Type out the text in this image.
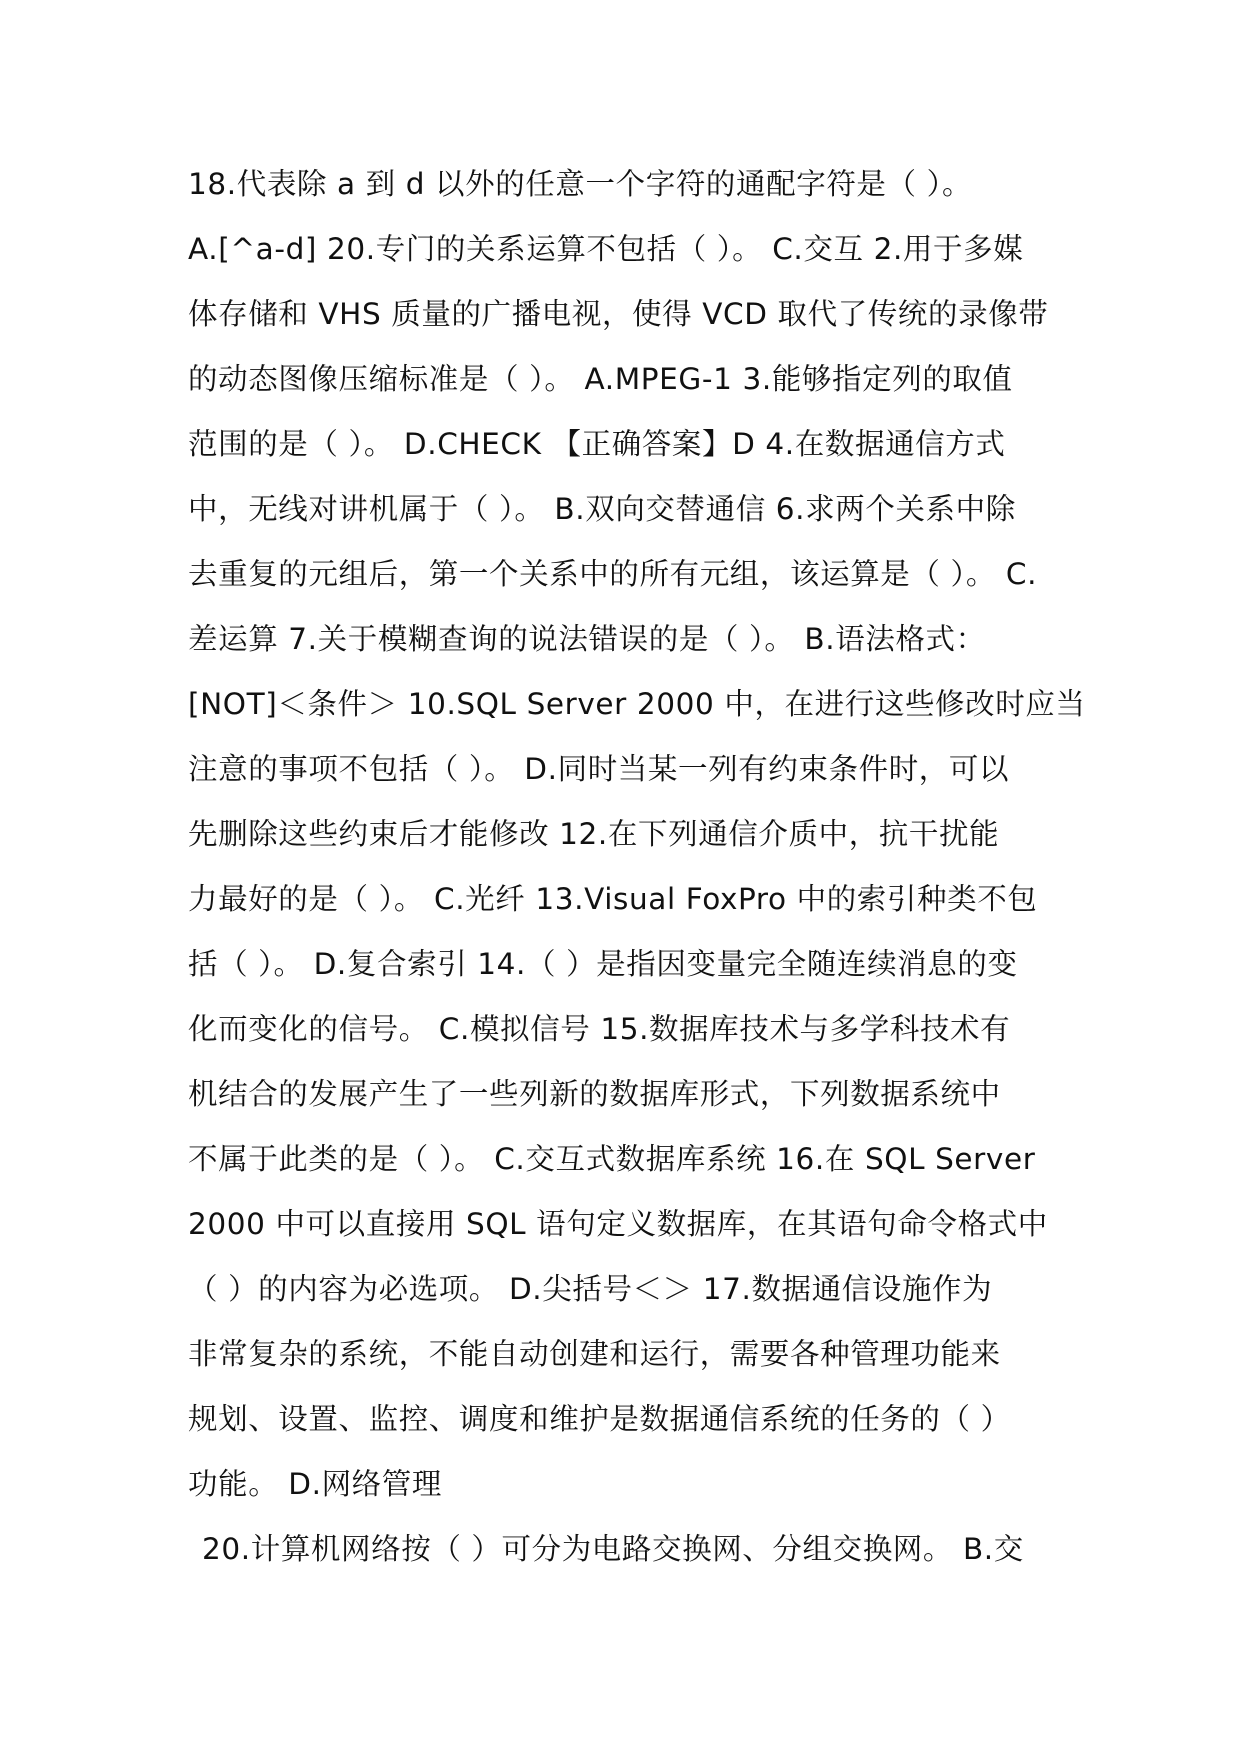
18.代表除 a 到 d 以外的任意一个字符的通配字符是（ ）。
A.[^a-d] 20.专门的关系运算不包括（ ）。 C.交互 2.用于多媒
体存储和 VHS 质量的广播电视，使得 VCD 取代了传统的录像带
的动态图像压缩标准是（ ）。 A.MPEG-1 3.能够指定列的取值
范围的是（ ）。 D.CHECK 【正确答案】D 4.在数据通信方式
中，无线对讲机属于（ ）。 B.双向交替通信 6.求两个关系中除
去重复的元组后，第一个关系中的所有元组，该运算是（ ）。 C.
差运算 7.关于模糊查询的说法错误的是（ ）。 B.语法格式：
[NOT]＜条件＞ 10.SQL Server 2000 中，在进行这些修改时应当
注意的事项不包括（ ）。 D.同时当某一列有约束条件时，可以
先删除这些约束后才能修改 12.在下列通信介质中，抗干扰能
力最好的是（ ）。 C.光纤 13.Visual FoxPro 中的索引种类不包
括（ ）。 D.复合索引 14.（ ）是指因变量完全随连续消息的变
化而变化的信号。 C.模拟信号 15.数据库技术与多学科技术有
机结合的发展产生了一些列新的数据库形式，下列数据系统中
不属于此类的是（ ）。 C.交互式数据库系统 16.在 SQL Server
2000 中可以直接用 SQL 语句定义数据库，在其语句命令格式中
（ ）的内容为必选项。 D.尖括号＜＞ 17.数据通信设施作为
非常复杂的系统，不能自动创建和运行，需要各种管理功能来
规划、设置、监控、调度和维护是数据通信系统的任务的（ ）
功能。 D.网络管理
20.计算机网络按（ ）可分为电路交换网、分组交换网。 B.交
